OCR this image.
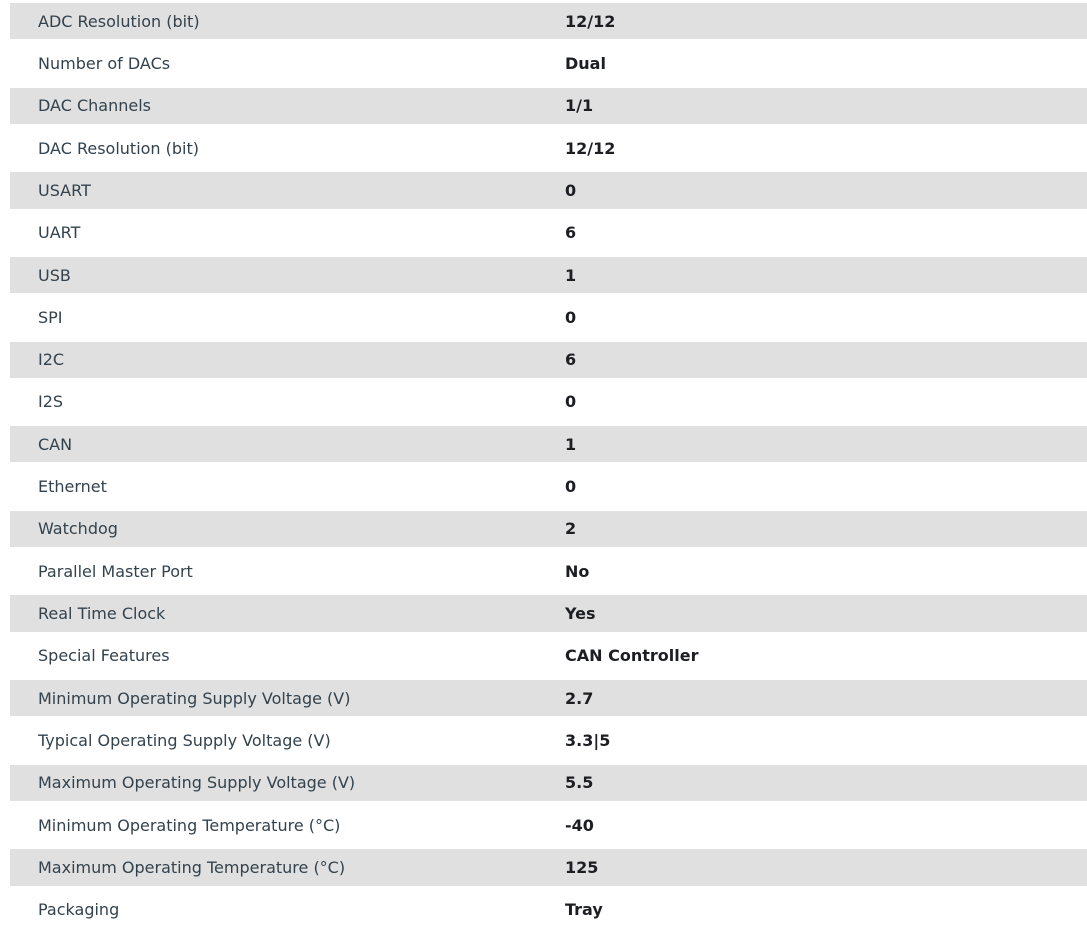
ADC Resolution (bit)	12/12
Number of DACs	Dual
DAC Channels	1/1
DAC Resolution (bit)	12/12
USART	0
UART	6
USB	1
SPI	0
I2C	6
I2S	0
CAN	1
Ethernet	0
Watchdog	2
Parallel Master Port	No
Real Time Clock	Yes
Special Features	CAN Controller
Minimum Operating Supply Voltage (V)	2.7
Typical Operating Supply Voltage (V)	3.3|5
Maximum Operating Supply Voltage (V)	5.5
Minimum Operating Temperature (°C)	-40
Maximum Operating Temperature (°C)	125
Packaging	Tray
